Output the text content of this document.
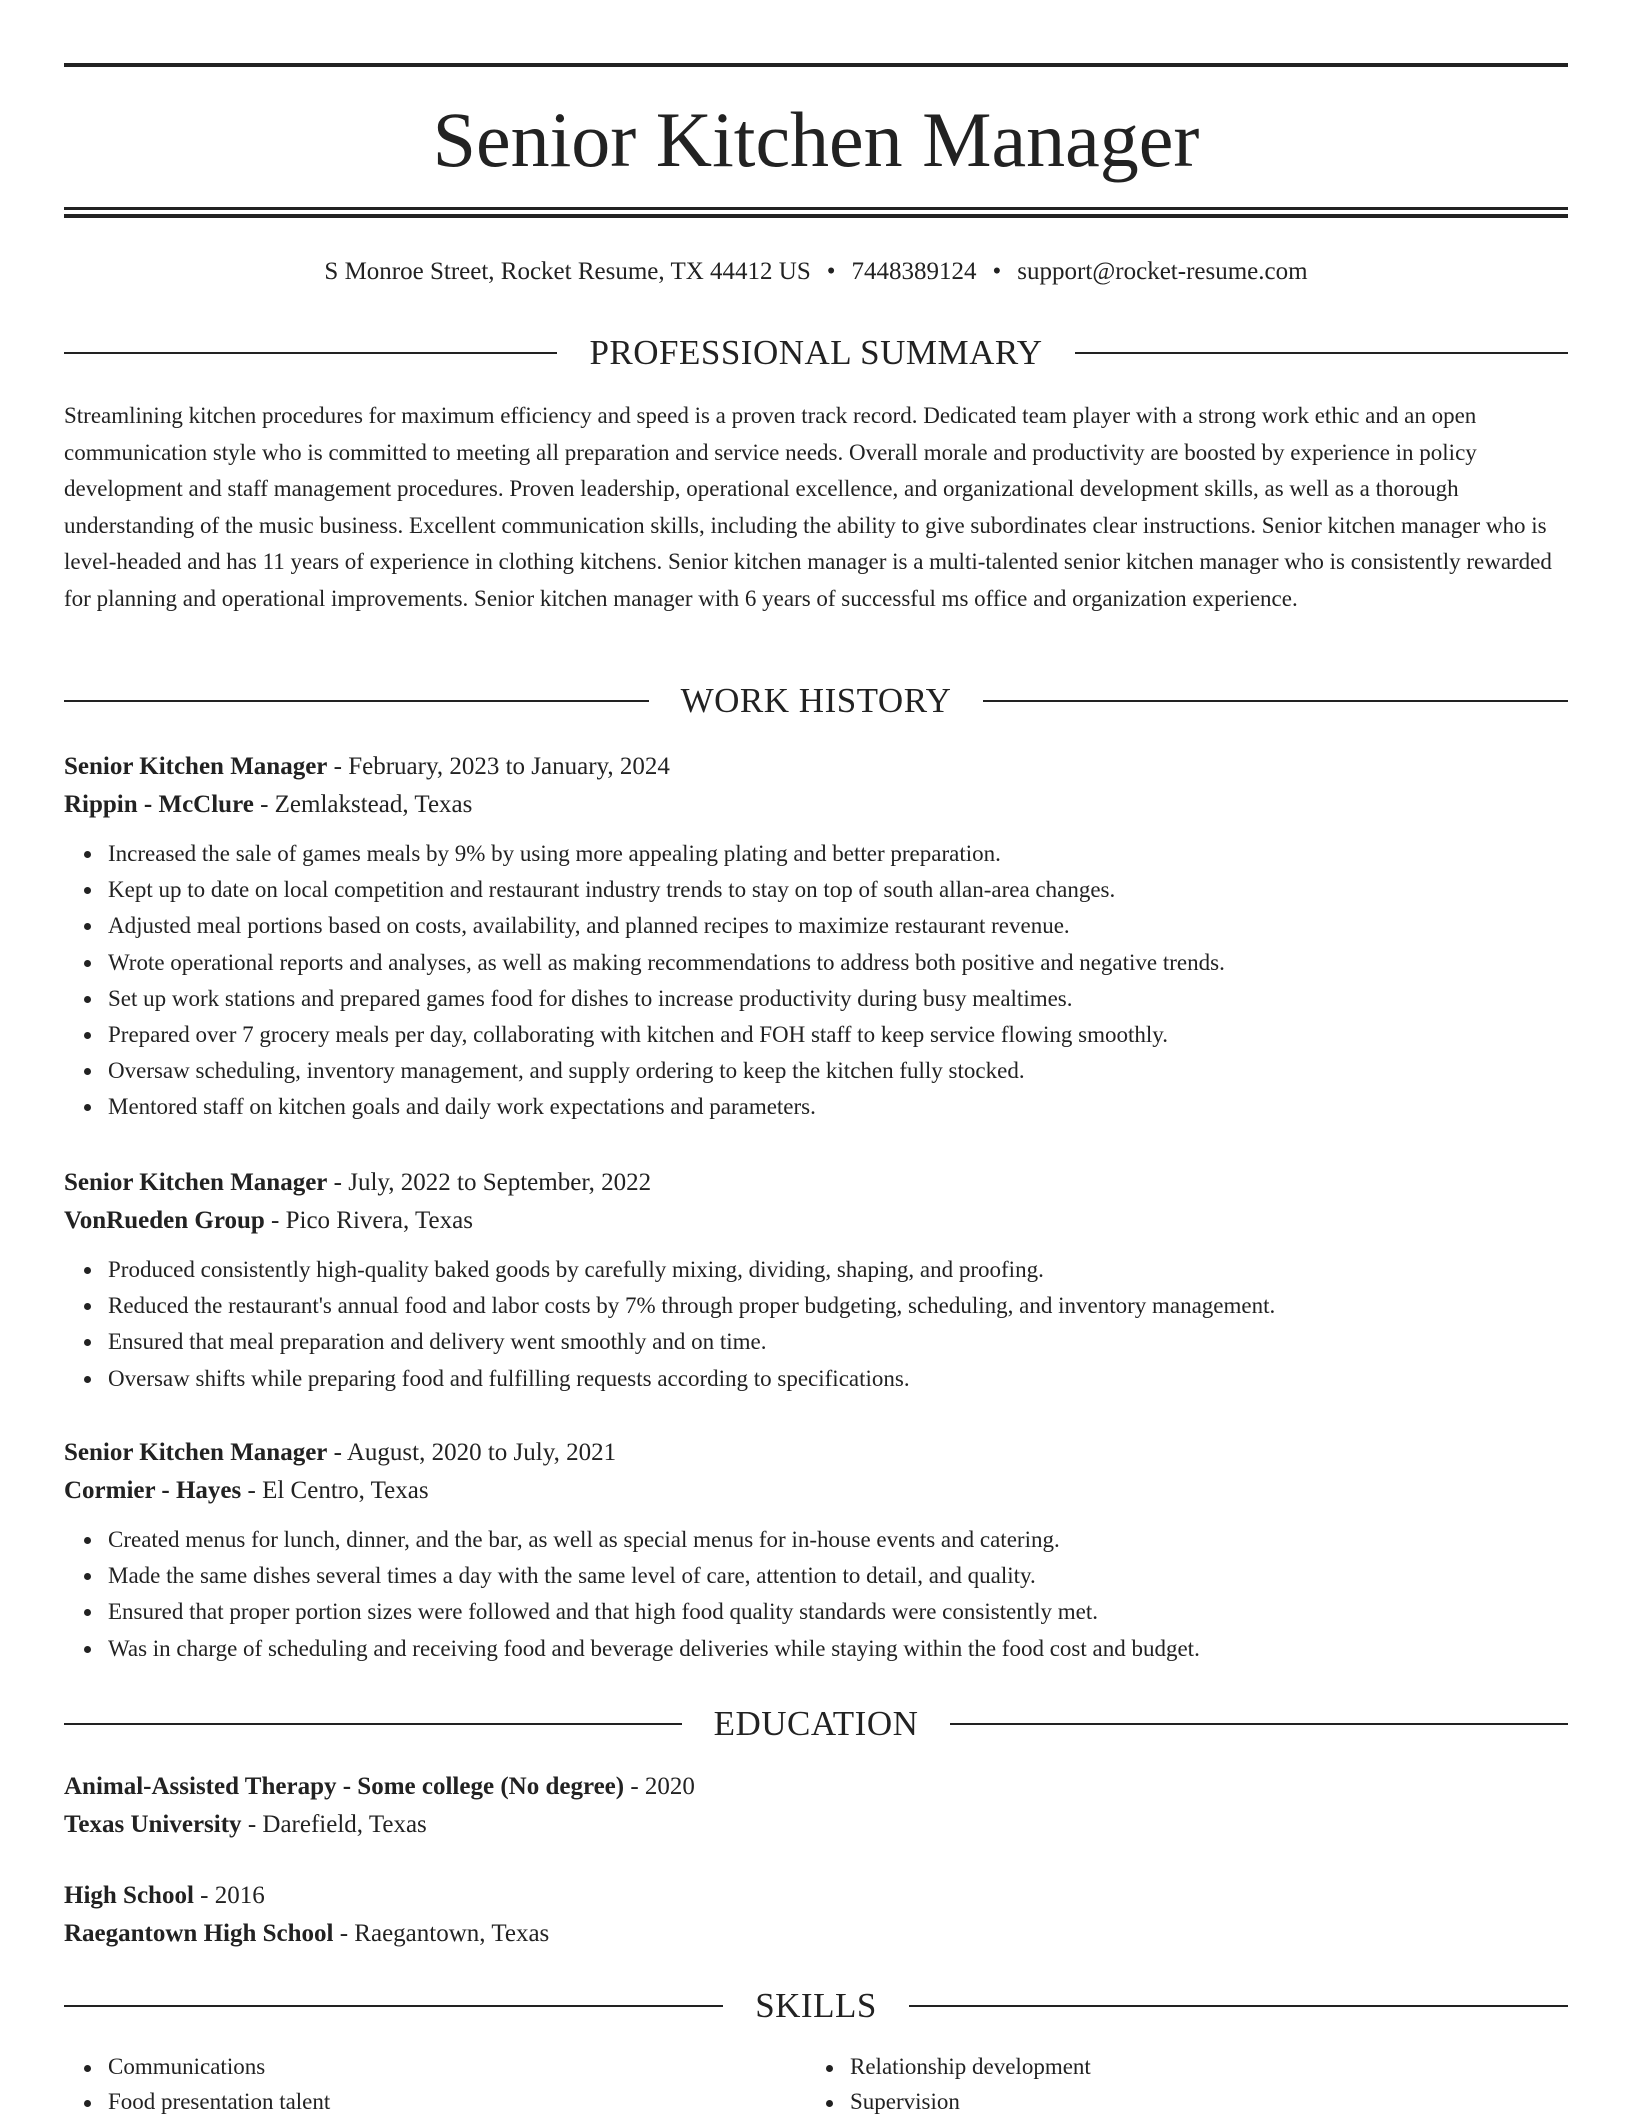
Senior Kitchen Manager
S Monroe Street, Rocket Resume, TX 44412 US • 7448389124 • support@rocket-resume.com
PROFESSIONAL SUMMARY

Streamlining kitchen procedures for maximum efficiency and speed is a proven track record. Dedicated team player with a strong work ethic and an open communication style who is committed to meeting all preparation and service needs. Overall morale and productivity are boosted by experience in policy development and staff management procedures. Proven leadership, operational excellence, and organizational development skills, as well as a thorough understanding of the music business. Excellent communication skills, including the ability to give subordinates clear instructions. Senior kitchen manager who is level-headed and has 11 years of experience in clothing kitchens. Senior kitchen manager is a multi-talented senior kitchen manager who is consistently rewarded for planning and operational improvements. Senior kitchen manager with 6 years of successful ms office and organization experience.

WORK HISTORY
Senior Kitchen Manager - February, 2023 to January, 2024
Rippin - McClure - Zemlakstead, Texas
Increased the sale of games meals by 9% by using more appealing plating and better preparation.
Kept up to date on local competition and restaurant industry trends to stay on top of south allan-area changes.
Adjusted meal portions based on costs, availability, and planned recipes to maximize restaurant revenue.
Wrote operational reports and analyses, as well as making recommendations to address both positive and negative trends.
Set up work stations and prepared games food for dishes to increase productivity during busy mealtimes.
Prepared over 7 grocery meals per day, collaborating with kitchen and FOH staff to keep service flowing smoothly.
Oversaw scheduling, inventory management, and supply ordering to keep the kitchen fully stocked.
Mentored staff on kitchen goals and daily work expectations and parameters.
Senior Kitchen Manager - July, 2022 to September, 2022
VonRueden Group - Pico Rivera, Texas
Produced consistently high-quality baked goods by carefully mixing, dividing, shaping, and proofing.
Reduced the restaurant's annual food and labor costs by 7% through proper budgeting, scheduling, and inventory management.
Ensured that meal preparation and delivery went smoothly and on time.
Oversaw shifts while preparing food and fulfilling requests according to specifications.
Senior Kitchen Manager - August, 2020 to July, 2021
Cormier - Hayes - El Centro, Texas
Created menus for lunch, dinner, and the bar, as well as special menus for in-house events and catering.
Made the same dishes several times a day with the same level of care, attention to detail, and quality.
Ensured that proper portion sizes were followed and that high food quality standards were consistently met.
Was in charge of scheduling and receiving food and beverage deliveries while staying within the food cost and budget.
EDUCATION
Animal-Assisted Therapy - Some college (No degree) - 2020
Texas University - Darefield, Texas
High School - 2016
Raegantown High School - Raegantown, Texas
SKILLS
Communications
Food presentation talent
Relationship development
Supervision
